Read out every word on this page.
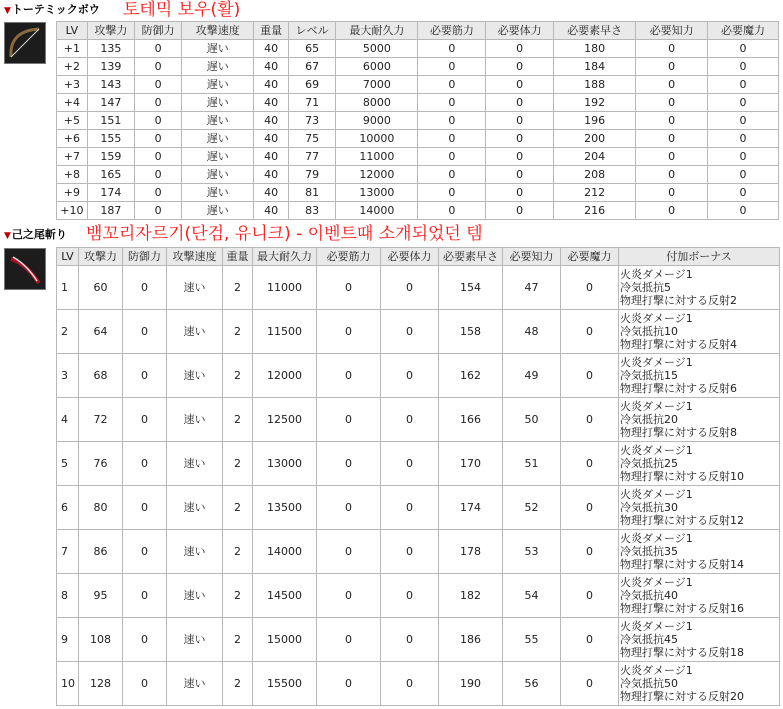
▼トーテミックボウ 토테믹 보우(활)
LV	攻撃力	防御力	攻撃速度	重量	レベル	最大耐久力	必要筋力	必要体力	必要素早さ	必要知力	必要魔力
+1	135	0	遅い	40	65	5000	0	0	180	0	0
+2	139	0	遅い	40	67	6000	0	0	184	0	0
+3	143	0	遅い	40	69	7000	0	0	188	0	0
+4	147	0	遅い	40	71	8000	0	0	192	0	0
+5	151	0	遅い	40	73	9000	0	0	196	0	0
+6	155	0	遅い	40	75	10000	0	0	200	0	0
+7	159	0	遅い	40	77	11000	0	0	204	0	0
+8	165	0	遅い	40	79	12000	0	0	208	0	0
+9	174	0	遅い	40	81	13000	0	0	212	0	0
+10	187	0	遅い	40	83	14000	0	0	216	0	0
▼己之尾斬り 뱀꼬리자르기(단검, 유니크) - 이벤트때 소개되었던 템
LV	攻撃力	防御力	攻撃速度	重量	最大耐久力	必要筋力	必要体力	必要素早さ	必要知力	必要魔力	付加ボーナス
1	60	0	速い	2	11000	0	0	154	47	0	火炎ダメージ1
冷気抵抗5
物理打撃に対する反射2

2	64	0	速い	2	11500	0	0	158	48	0	火炎ダメージ1
冷気抵抗10
物理打撃に対する反射4

3	68	0	速い	2	12000	0	0	162	49	0	火炎ダメージ1
冷気抵抗15
物理打撃に対する反射6

4	72	0	速い	2	12500	0	0	166	50	0	火炎ダメージ1
冷気抵抗20
物理打撃に対する反射8

5	76	0	速い	2	13000	0	0	170	51	0	火炎ダメージ1
冷気抵抗25
物理打撃に対する反射10

6	80	0	速い	2	13500	0	0	174	52	0	火炎ダメージ1
冷気抵抗30
物理打撃に対する反射12

7	86	0	速い	2	14000	0	0	178	53	0	火炎ダメージ1
冷気抵抗35
物理打撃に対する反射14

8	95	0	速い	2	14500	0	0	182	54	0	火炎ダメージ1
冷気抵抗40
物理打撃に対する反射16

9	108	0	速い	2	15000	0	0	186	55	0	火炎ダメージ1
冷気抵抗45
物理打撃に対する反射18

10	128	0	速い	2	15500	0	0	190	56	0	火炎ダメージ1
冷気抵抗50
物理打撃に対する反射20
